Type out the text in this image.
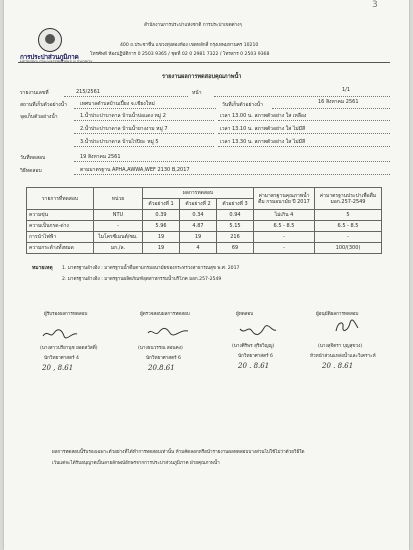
3
การประปาส่วนภูมิภาค
METROPOLITAN WATERWORKS AUTHORITY
สำนักงานการประปาแห่งชาติ การประปาเขตต่างๆ
400 ถ.ประชาชื่น แขวงทุ่งสองห้อง เขตหลักสี่ กรุงเทพมหานคร 10210
โทรศัพท์ ห้องปฏิบัติการ 0 2503 9365 / ชุดที่ 02 0 2981 7322 / โทรสาร 0 2503 9368
รายงานผลการทดสอบคุณภาพน้ำ
รายงานเลขที่	215/2561	หน้า	1/1
สถานที่เก็บตัวอย่างน้ำ	เทศบาลตำบลบ้านเปี้ยง จ.เชียงใหม่	วันที่เก็บตัวอย่างน้ำ	16 สิงหาคม 2561
จุดเก็บตัวอย่างน้ำ	1.น้ำประปาบาดาล บ้านน้ำบ่อแดง หมู่ 2	เวลา 13.00 น. สภาพตัวอย่าง ใส เหลือง
2.น้ำประปาบาดาล บ้านน้ำยางงาม หมู่ 7	เวลา 13.10 น. สภาพตัวอย่าง ใส ไม่มีสี
3.น้ำประปาบาดาล บ้านไร่ปิยะ หมู่ 5	เวลา 13.30 น. สภาพตัวอย่าง ใส ไม่มีสี
วันที่ทดสอบ	19 สิงหาคม 2561
วิธีทดสอบ	ตามมาตรฐาน APHA,AWWA,WEF 2130 B,2017
รายการที่ทดสอบ	หน่วย	ผลการทดสอบ			ค่ามาตรฐานคุณภาพน้ำดื่ม กรมอนามัย ปี 2017	ค่ามาตรฐานประปาเพื่อดื่ม มอก.257-2549
		ตัวอย่างที่ 1	ตัวอย่างที่ 2	ตัวอย่างที่ 3		
ความขุ่น	NTU	0.39	0.34	0.94	ไม่เกิน 4	5
ความเป็นกรด-ด่าง	-	5.96	4.87	5.15	6.5 - 8.5	6.5 - 8.5
การนำไฟฟ้า	ไมโครซีเมนต์/ซม.	19	19	216	-	-
ความกระด้างทั้งหมด	มก./ล.	19	4	69	-	100/(300)
หมายเหตุ 1. มาตรฐานอ้างอิง : มาตรฐานน้ำดื่มตามกรมอนามัยของกระทรวงสาธารณสุข พ.ศ. 2017
2. มาตรฐานอ้างอิง : มาตรฐานผลิตภัณฑ์อุตสาหกรรมน้ำบริโภค มอก.257-2549
ผู้รับรองผลการทดสอบ	ผู้ตรวจสอบผลการทดสอบ	ผู้ทดสอบ	ผู้อนุมัติผลการทดสอบ
(นางสาวปรียานุช ยอดสวัสดิ์)	(นางธนวรรณ สอนคง)	(นางศิริพร สุริยวิญญู)	(นางสุจิตรา บุญสุขวง)
นักวิทยาศาสตร์ 4	นักวิทยาศาสตร์ 6	นักวิทยาศาสตร์ 6	หัวหน้าส่วนแหล่งน้ำและวิเคราะห์
20 , 8.61	20.8.61	20 . 8.61	20 . 8.61
ผลการทดสอบนี้รับรองเฉพาะตัวอย่างที่ได้ทำการทดสอบเท่านั้น ห้ามคัดลอกหรือนำรายงานผลทดสอบบางส่วนไปใช้ไม่ว่าด้วยวิธีใด
เว้นแต่จะได้รับอนุญาตเป็นลายลักษณ์อักษรจากการประปาส่วนภูมิภาค ฝ่ายคุณภาพน้ำ
